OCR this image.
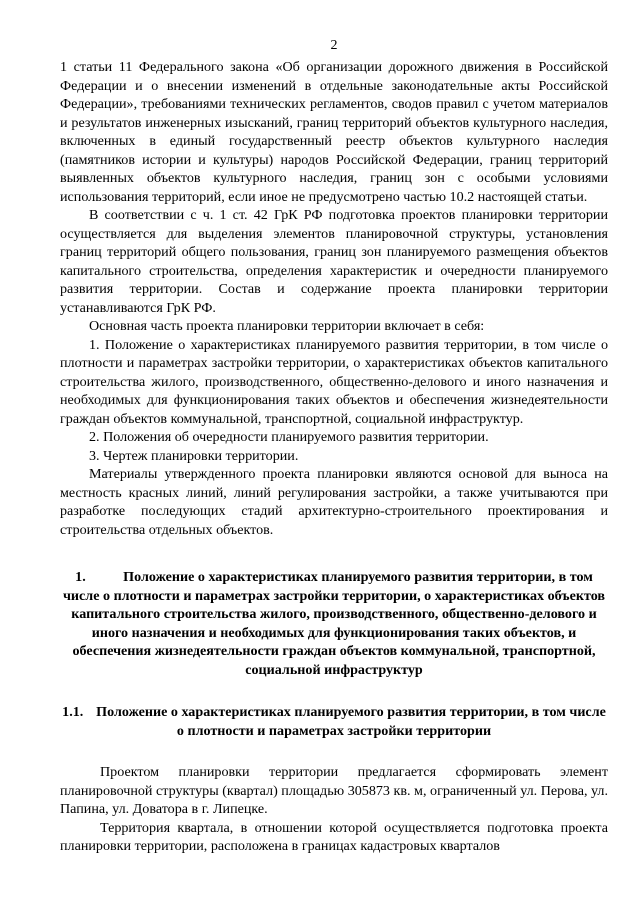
2

1 статьи 11 Федерального закона «Об организации дорожного движения в Российской Федерации и о внесении изменений в отдельные законодательные акты Российской Федерации», требованиями технических регламентов, сводов правил с учетом материалов и результатов инженерных изысканий, границ территорий объектов культурного наследия, включенных в единый государственный реестр объектов культурного наследия (памятников истории и культуры) народов Российской Федерации, границ территорий выявленных объектов культурного наследия, границ зон с особыми условиями использования территорий, если иное не предусмотрено частью 10.2 настоящей статьи.

В соответствии с ч. 1 ст. 42 ГрК РФ подготовка проектов планировки территории осуществляется для выделения элементов планировочной структуры, установления границ территорий общего пользования, границ зон планируемого размещения объектов капитального строительства, определения характеристик и очередности планируемого развития территории. Состав и содержание проекта планировки территории устанавливаются ГрК РФ.

Основная часть проекта планировки территории включает в себя:

1. Положение о характеристиках планируемого развития территории, в том числе о плотности и параметрах застройки территории, о характеристиках объектов капитального строительства жилого, производственного, общественно-делового и иного назначения и необходимых для функционирования таких объектов и обеспечения жизнедеятельности граждан объектов коммунальной, транспортной, социальной инфраструктур.

2. Положения об очередности планируемого развития территории.

3. Чертеж планировки территории.

Материалы утвержденного проекта планировки являются основой для выноса на местность красных линий, линий регулирования застройки, а также учитываются при разработке последующих стадий архитектурно-строительного проектирования и строительства отдельных объектов.

1.	Положение о характеристиках планируемого развития территории, в том числе о плотности и параметрах застройки территории, о характеристиках объектов капитального строительства жилого, производственного, общественно-делового и иного назначения и необходимых для функционирования таких объектов, и обеспечения жизнедеятельности граждан объектов коммунальной, транспортной, социальной инфраструктур
1.1. Положение о характеристиках планируемого развития территории, в том числе о плотности и параметрах застройки территории

Проектом планировки территории предлагается сформировать элемент планировочной структуры (квартал) площадью 305873 кв. м, ограниченный ул. Перова, ул. Папина, ул. Доватора в г. Липецке.

Территория квартала, в отношении которой осуществляется подготовка проекта планировки территории, расположена в границах кадастровых кварталов
